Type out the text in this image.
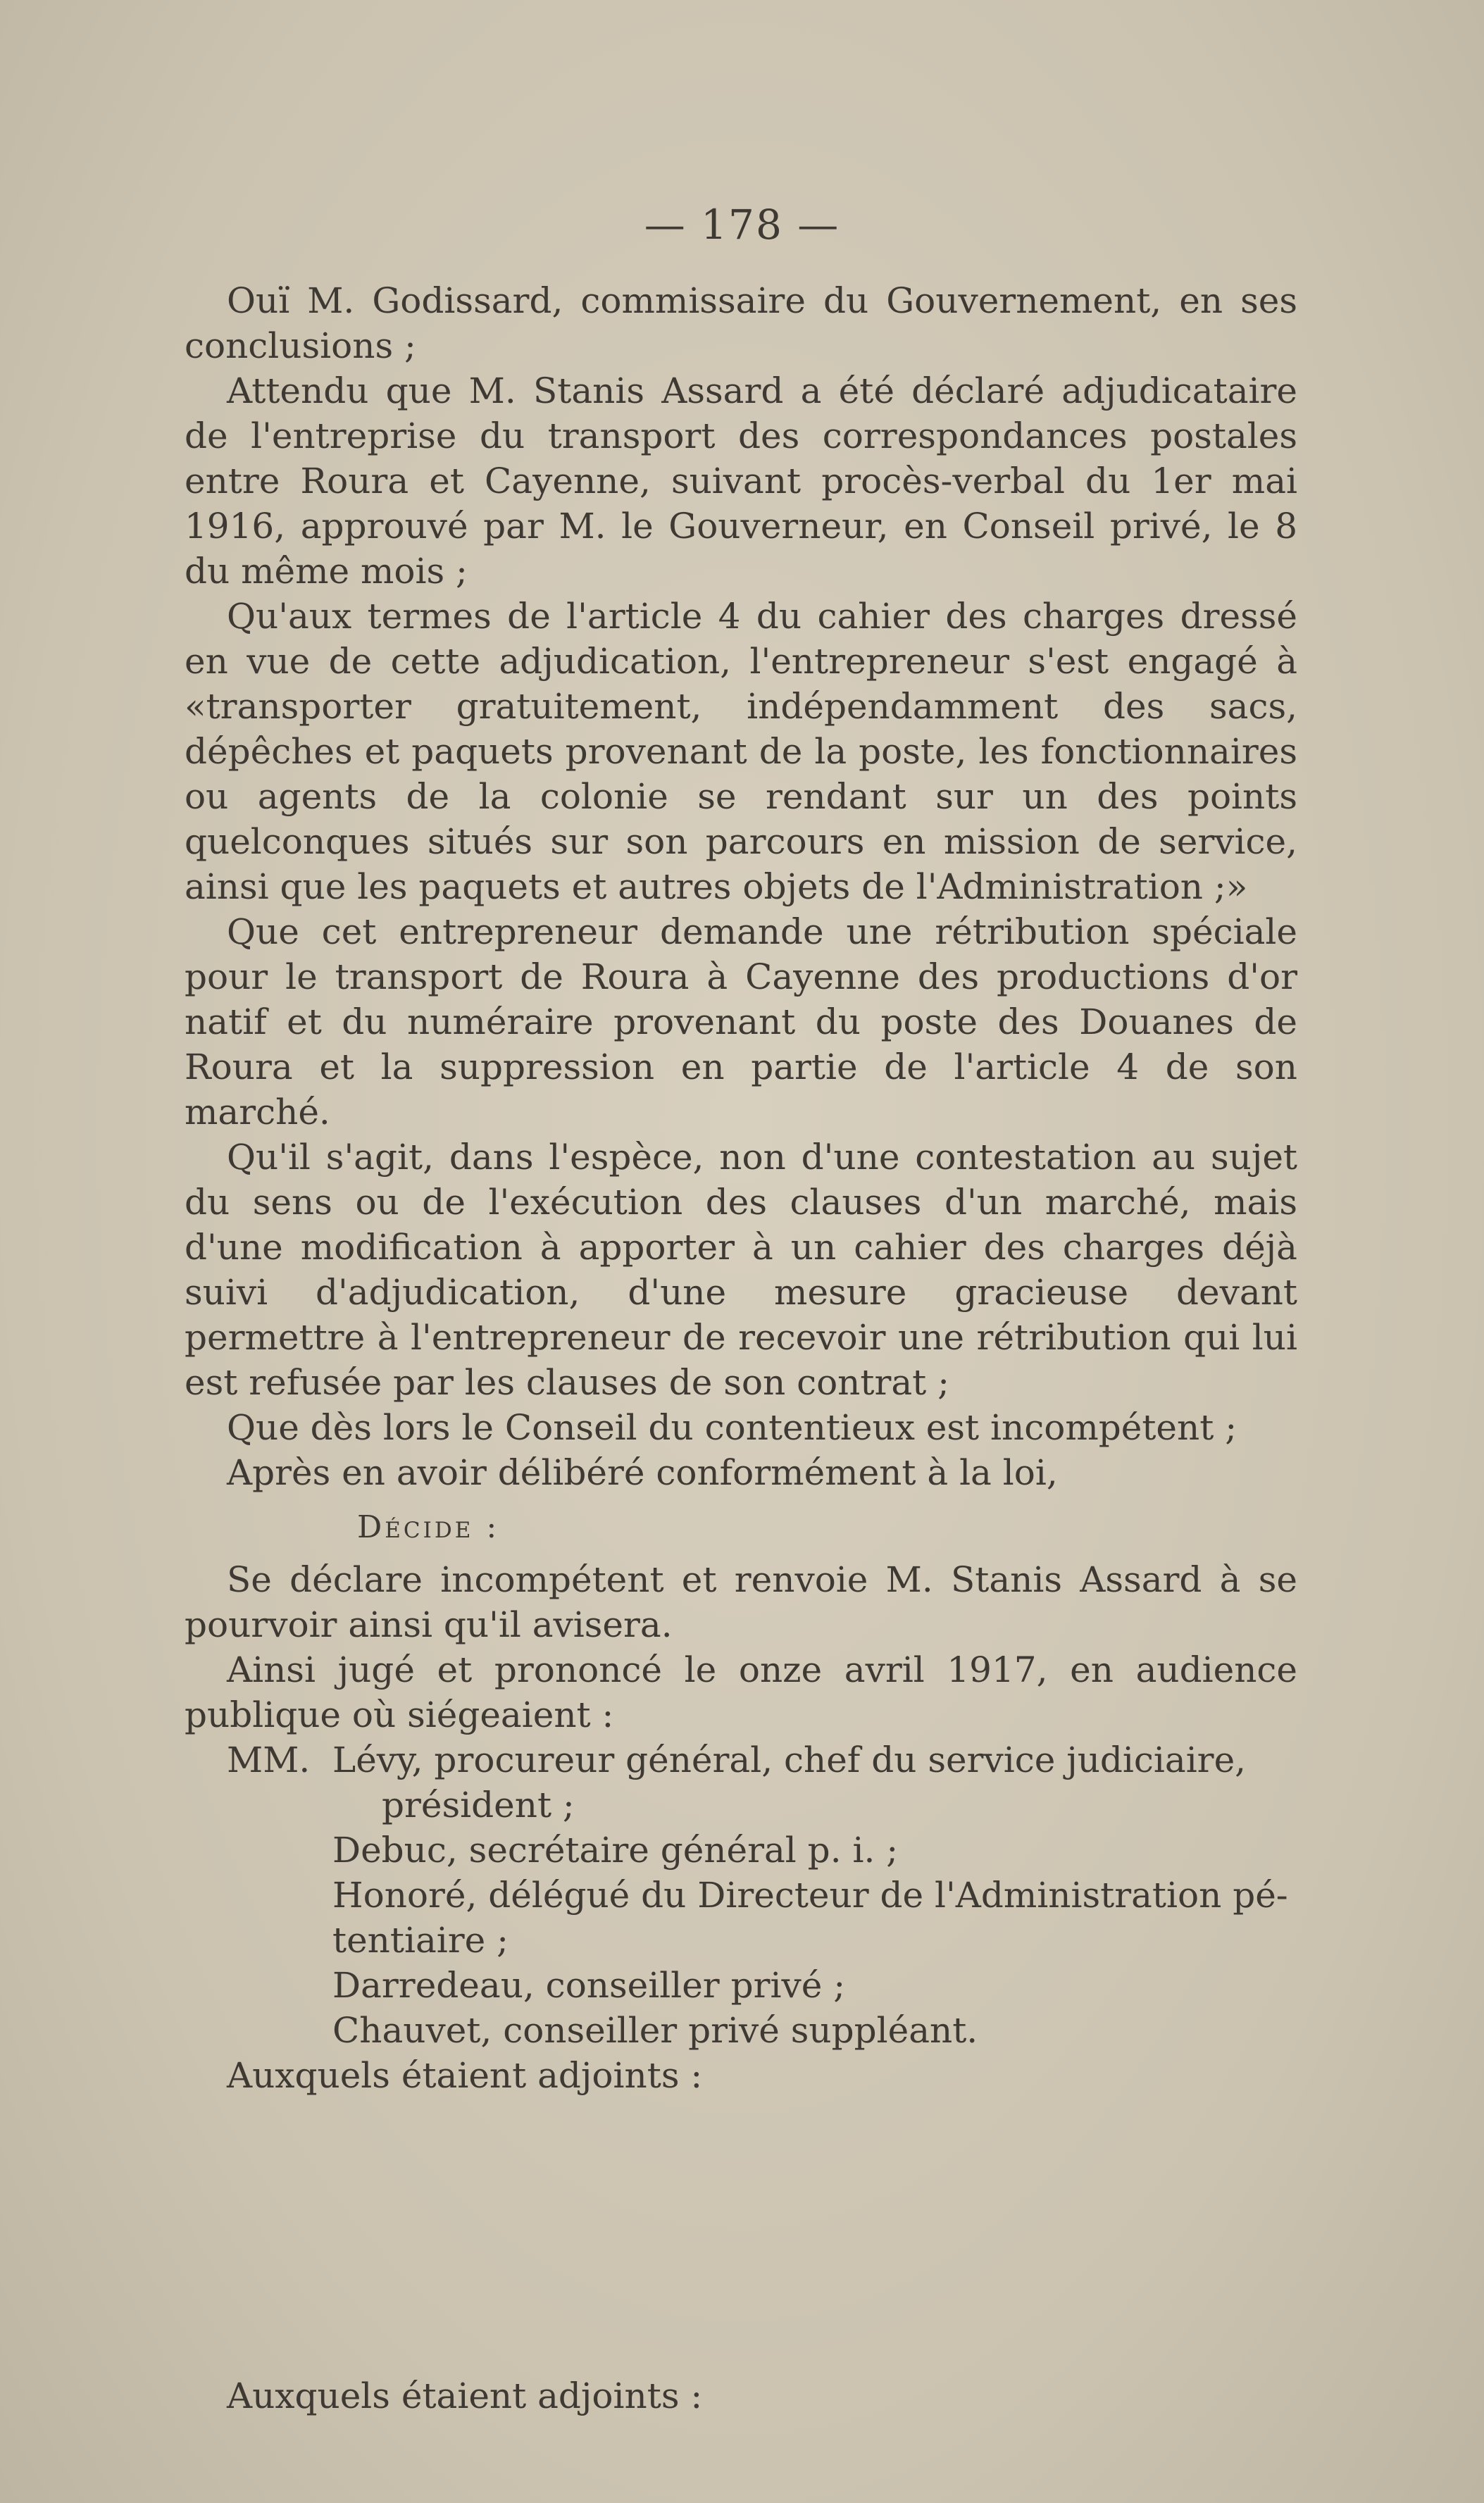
— 178 —

Ouï M. Godissard, commissaire du Gouvernement, en ses conclusions ;

Attendu que M. Stanis Assard a été déclaré adjudicataire de l'entreprise du transport des correspondances postales entre Roura et Cayenne, suivant procès-verbal du 1er mai 1916, approuvé par M. le Gouverneur, en Conseil privé, le 8 du même mois ;

Qu'aux termes de l'article 4 du cahier des charges dressé en vue de cette adjudication, l'entrepreneur s'est engagé à «transporter gratuitement, indépendamment des sacs, dépêches et paquets provenant de la poste, les fonctionnaires ou agents de la colonie se rendant sur un des points quelconques situés sur son parcours en mission de service, ainsi que les paquets et autres objets de l'Administration ;»

Que cet entrepreneur demande une rétribution spéciale pour le transport de Roura à Cayenne des productions d'or natif et du numéraire provenant du poste des Douanes de Roura et la suppression en partie de l'article 4 de son marché.

Qu'il s'agit, dans l'espèce, non d'une contestation au sujet du sens ou de l'exécution des clauses d'un marché, mais d'une modification à apporter à un cahier des charges déjà suivi d'adjudication, d'une mesure gracieuse devant permettre à l'entrepreneur de recevoir une rétribution qui lui est refusée par les clauses de son contrat ;

Que dès lors le Conseil du contentieux est incompétent ;

Après en avoir délibéré conformément à la loi,

Décide :

Se déclare incompétent et renvoie M. Stanis Assard à se pourvoir ainsi qu'il avisera.

Ainsi jugé et prononcé le onze avril 1917, en audience publique où siégeaient :

MM. Lévy, procureur général, chef du service judiciaire,
président ;

Debuc, secrétaire général p. i. ;

Honoré, délégué du Directeur de l'Administration pé-
tentiaire ;

Darredeau, conseiller privé ;

Chauvet, conseiller privé suppléant.

Auxquels étaient adjoints :

Auxquels étaient adjoints :
